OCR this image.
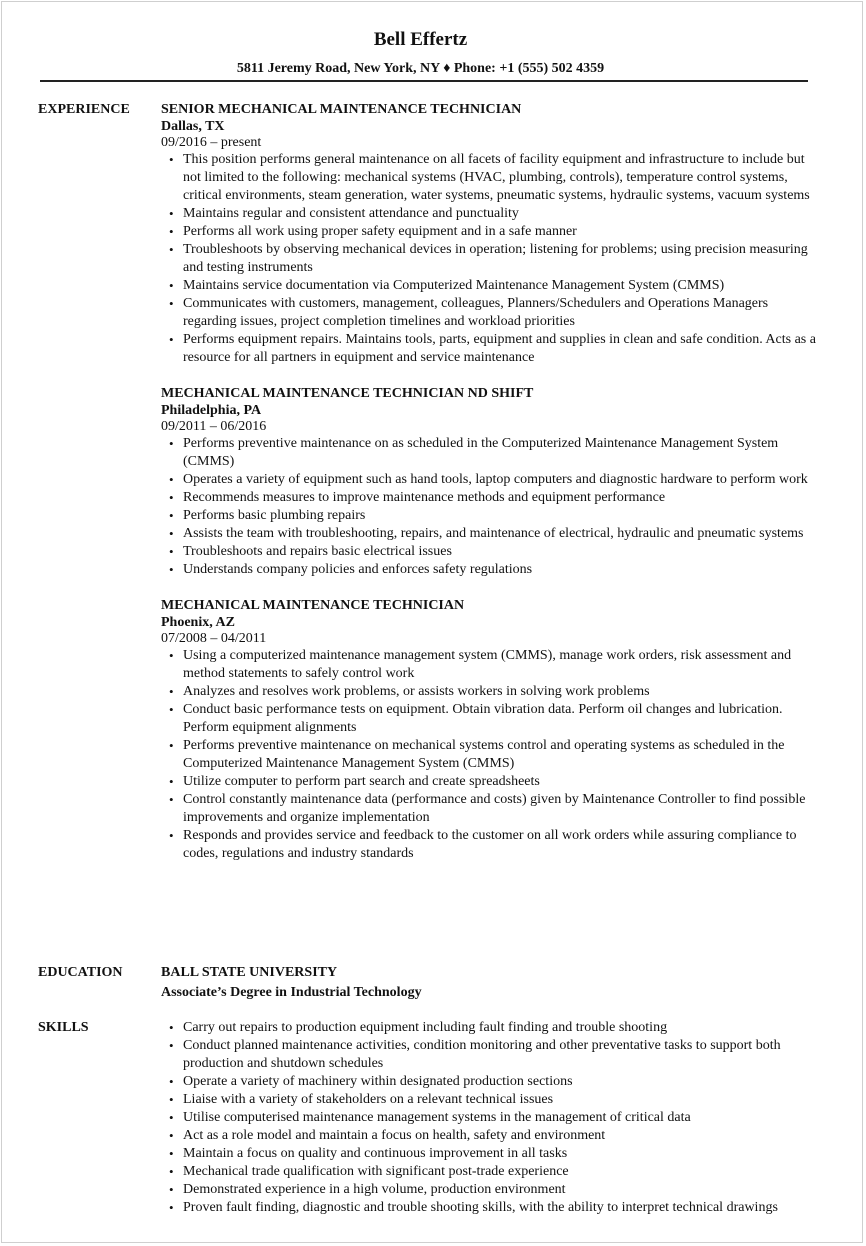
Bell Effertz
5811 Jeremy Road, New York, NY ♦ Phone: +1 (555) 502 4359
EXPERIENCE SENIOR MECHANICAL MAINTENANCE TECHNICIAN
Dallas, TX
09/2016 – present
• This position performs general maintenance on all facets of facility equipment and infrastructure to include but not limited to the following: mechanical systems (HVAC, plumbing, controls), temperature control systems, critical environments, steam generation, water systems, pneumatic systems, hydraulic systems, vacuum systems
• Maintains regular and consistent attendance and punctuality
• Performs all work using proper safety equipment and in a safe manner
• Troubleshoots by observing mechanical devices in operation; listening for problems; using precision measuring and testing instruments
• Maintains service documentation via Computerized Maintenance Management System (CMMS)
• Communicates with customers, management, colleagues, Planners/Schedulers and Operations Managers regarding issues, project completion timelines and workload priorities
• Performs equipment repairs. Maintains tools, parts, equipment and supplies in clean and safe condition. Acts as a resource for all partners in equipment and service maintenance
MECHANICAL MAINTENANCE TECHNICIAN ND SHIFT
Philadelphia, PA
09/2011 – 06/2016
• Performs preventive maintenance on as scheduled in the Computerized Maintenance Management System (CMMS)
• Operates a variety of equipment such as hand tools, laptop computers and diagnostic hardware to perform work
• Recommends measures to improve maintenance methods and equipment performance
• Performs basic plumbing repairs
• Assists the team with troubleshooting, repairs, and maintenance of electrical, hydraulic and pneumatic systems
• Troubleshoots and repairs basic electrical issues
• Understands company policies and enforces safety regulations
MECHANICAL MAINTENANCE TECHNICIAN
Phoenix, AZ
07/2008 – 04/2011
• Using a computerized maintenance management system (CMMS), manage work orders, risk assessment and method statements to safely control work
• Analyzes and resolves work problems, or assists workers in solving work problems
• Conduct basic performance tests on equipment. Obtain vibration data. Perform oil changes and lubrication. Perform equipment alignments
• Performs preventive maintenance on mechanical systems control and operating systems as scheduled in the Computerized Maintenance Management System (CMMS)
• Utilize computer to perform part search and create spreadsheets
• Control constantly maintenance data (performance and costs) given by Maintenance Controller to find possible improvements and organize implementation
• Responds and provides service and feedback to the customer on all work orders while assuring compliance to codes, regulations and industry standards
EDUCATION	BALL STATE UNIVERSITY
Associate’s Degree in Industrial Technology
SKILLS
•	Carry out repairs to production equipment including fault finding and trouble shooting
• Conduct planned maintenance activities, condition monitoring and other preventative tasks to support both production and shutdown schedules
• Operate a variety of machinery within designated production sections
• Liaise with a variety of stakeholders on a relevant technical issues
• Utilise computerised maintenance management systems in the management of critical data
• Act as a role model and maintain a focus on health, safety and environment
• Maintain a focus on quality and continuous improvement in all tasks
• Mechanical trade qualification with significant post-trade experience
• Demonstrated experience in a high volume, production environment
• Proven fault finding, diagnostic and trouble shooting skills, with the ability to interpret technical drawings
